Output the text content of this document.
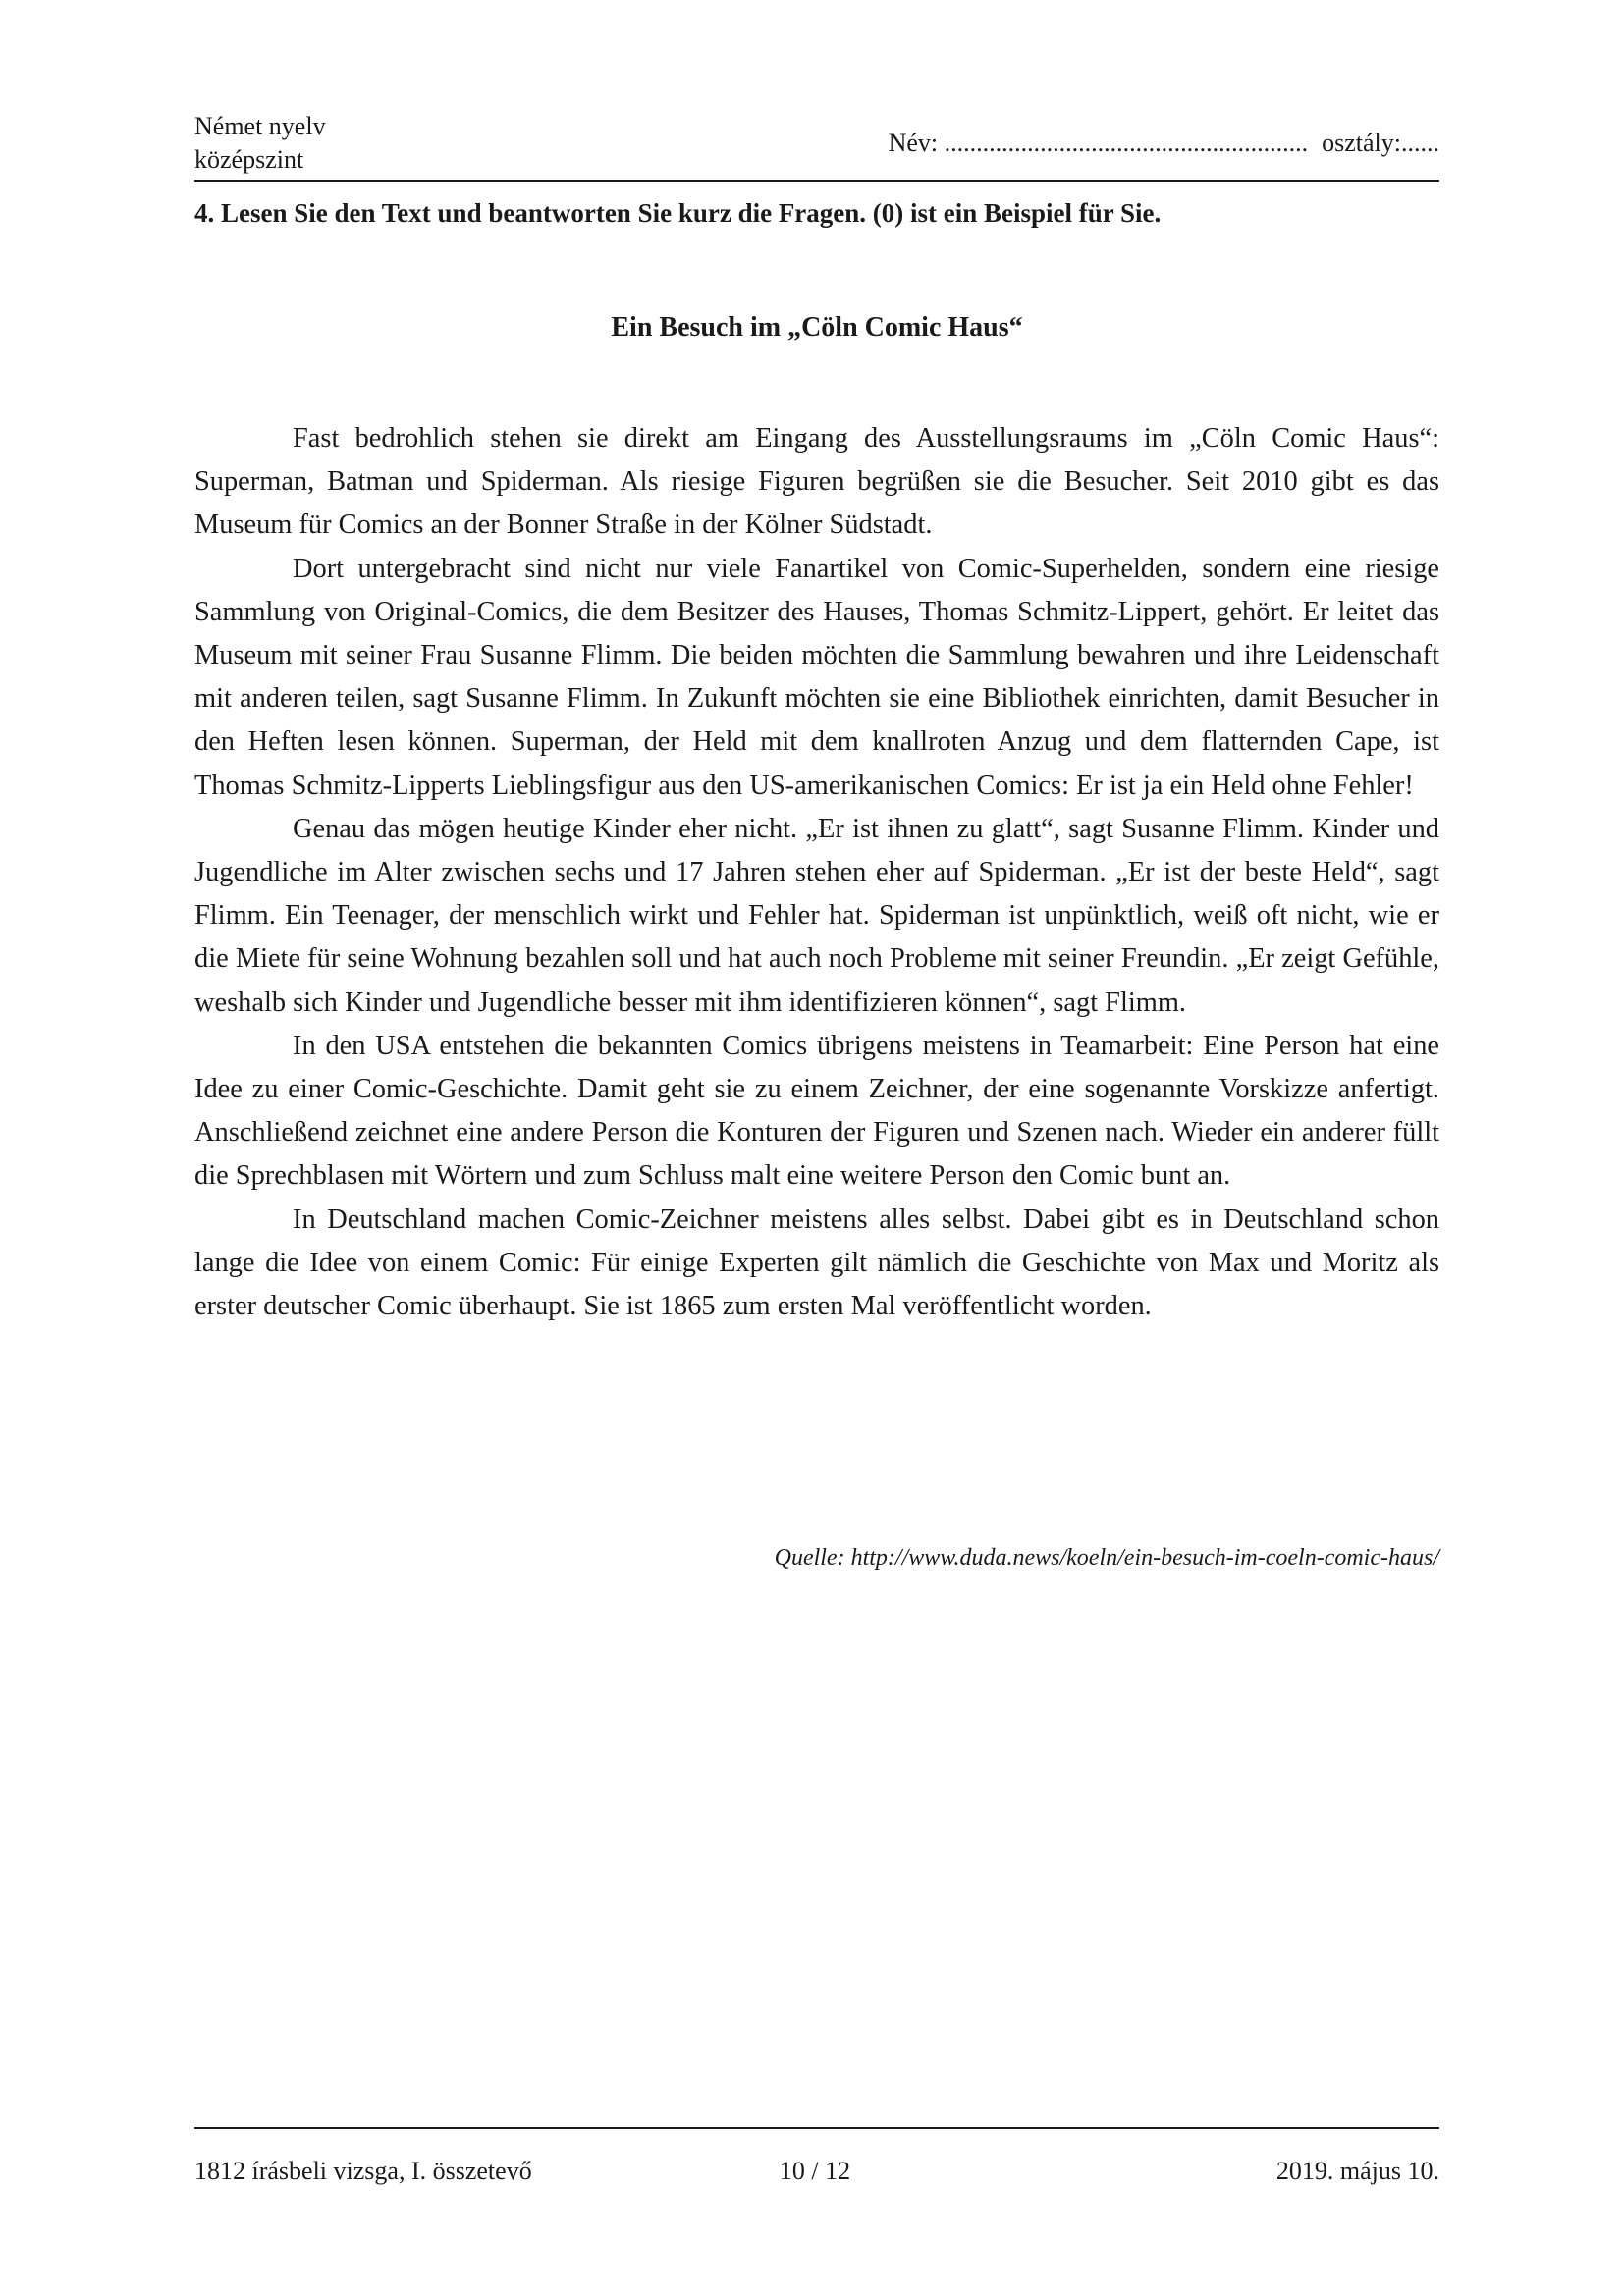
Német nyelv
középszint
Név: ......................................................... osztály:......
4. Lesen Sie den Text und beantworten Sie kurz die Fragen. (0) ist ein Beispiel für Sie.
Ein Besuch im „Cöln Comic Haus“

Fast bedrohlich stehen sie direkt am Eingang des Ausstellungsraums im „Cöln Comic Haus“: Superman, Batman und Spiderman. Als riesige Figuren begrüßen sie die Besucher. Seit 2010 gibt es das Museum für Comics an der Bonner Straße in der Kölner Südstadt.

Dort untergebracht sind nicht nur viele Fanartikel von Comic-Superhelden, sondern eine riesige Sammlung von Original-Comics, die dem Besitzer des Hauses, Thomas Schmitz-Lippert, gehört. Er leitet das Museum mit seiner Frau Susanne Flimm. Die beiden möchten die Sammlung bewahren und ihre Leidenschaft mit anderen teilen, sagt Susanne Flimm. In Zukunft möchten sie eine Bibliothek einrichten, damit Besucher in den Heften lesen können. Superman, der Held mit dem knallroten Anzug und dem flatternden Cape, ist Thomas Schmitz-Lipperts Lieblingsfigur aus den US-amerikanischen Comics: Er ist ja ein Held ohne Fehler!

Genau das mögen heutige Kinder eher nicht. „Er ist ihnen zu glatt“, sagt Susanne Flimm. Kinder und Jugendliche im Alter zwischen sechs und 17 Jahren stehen eher auf Spiderman. „Er ist der beste Held“, sagt Flimm. Ein Teenager, der menschlich wirkt und Fehler hat. Spiderman ist unpünktlich, weiß oft nicht, wie er die Miete für seine Wohnung bezahlen soll und hat auch noch Probleme mit seiner Freundin. „Er zeigt Gefühle, weshalb sich Kinder und Jugendliche besser mit ihm identifizieren können“, sagt Flimm.

In den USA entstehen die bekannten Comics übrigens meistens in Teamarbeit: Eine Person hat eine Idee zu einer Comic-Geschichte. Damit geht sie zu einem Zeichner, der eine sogenannte Vorskizze anfertigt. Anschließend zeichnet eine andere Person die Konturen der Figuren und Szenen nach. Wieder ein anderer füllt die Sprechblasen mit Wörtern und zum Schluss malt eine weitere Person den Comic bunt an.

In Deutschland machen Comic-Zeichner meistens alles selbst. Dabei gibt es in Deutschland schon lange die Idee von einem Comic: Für einige Experten gilt nämlich die Geschichte von Max und Moritz als erster deutscher Comic überhaupt. Sie ist 1865 zum ersten Mal veröffentlicht worden.

Quelle: http://www.duda.news/koeln/ein-besuch-im-coeln-comic-haus/
1812 írásbeli vizsga, I. összetevő	10 / 12	2019. május 10.
